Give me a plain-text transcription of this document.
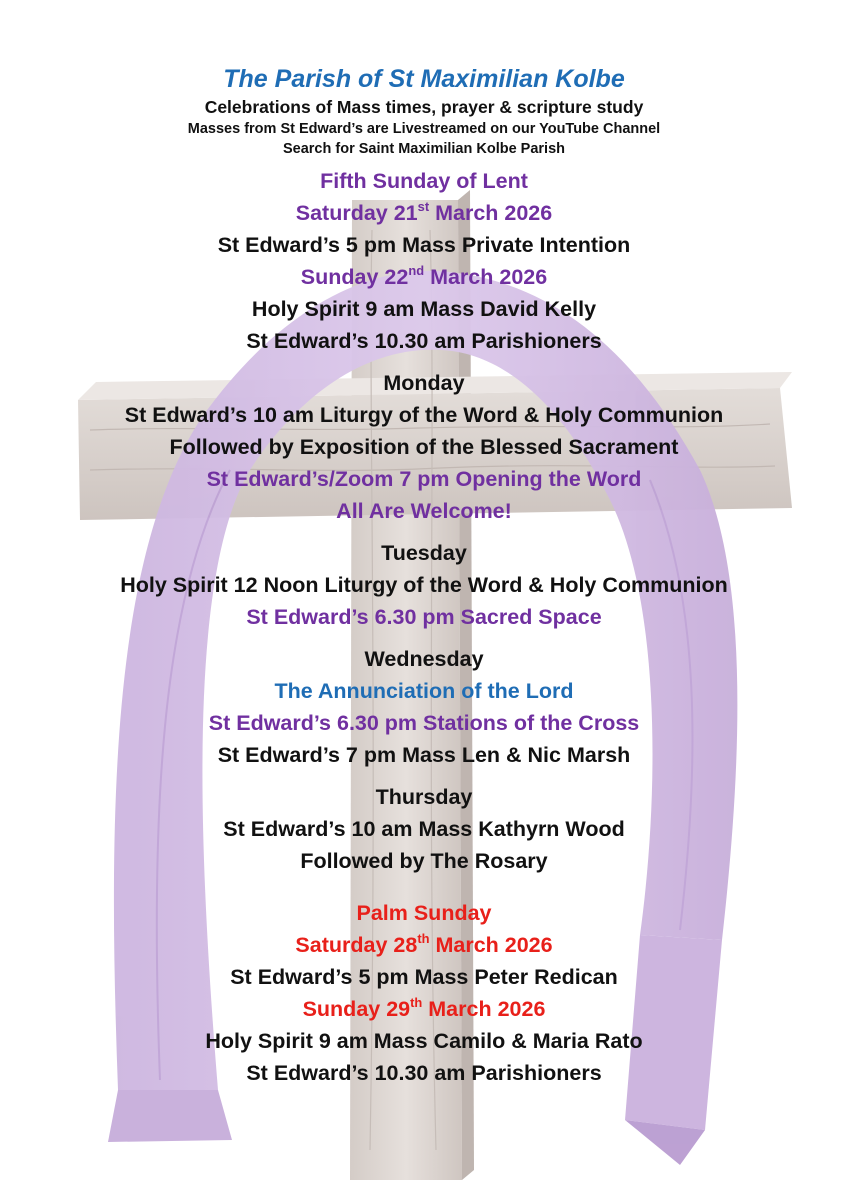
The Parish of St Maximilian Kolbe
Celebrations of Mass times, prayer & scripture study
Masses from St Edward’s are Livestreamed on our YouTube Channel
Search for Saint Maximilian Kolbe Parish
Fifth Sunday of Lent
Saturday 21st March 2026
St Edward’s 5 pm Mass Private Intention
Sunday 22nd March 2026
Holy Spirit 9 am Mass David Kelly
St Edward’s 10.30 am Parishioners
Monday
St Edward’s 10 am Liturgy of the Word & Holy Communion
Followed by Exposition of the Blessed Sacrament
St Edward’s/Zoom 7 pm Opening the Word
All Are Welcome!
Tuesday
Holy Spirit 12 Noon Liturgy of the Word & Holy Communion
St Edward’s 6.30 pm Sacred Space
Wednesday
The Annunciation of the Lord
St Edward’s 6.30 pm Stations of the Cross
St Edward’s 7 pm Mass Len & Nic Marsh
Thursday
St Edward’s 10 am Mass Kathyrn Wood
Followed by The Rosary
Palm Sunday
Saturday 28th March 2026
St Edward’s 5 pm Mass Peter Redican
Sunday 29th March 2026
Holy Spirit 9 am Mass Camilo & Maria Rato
St Edward’s 10.30 am Parishioners
